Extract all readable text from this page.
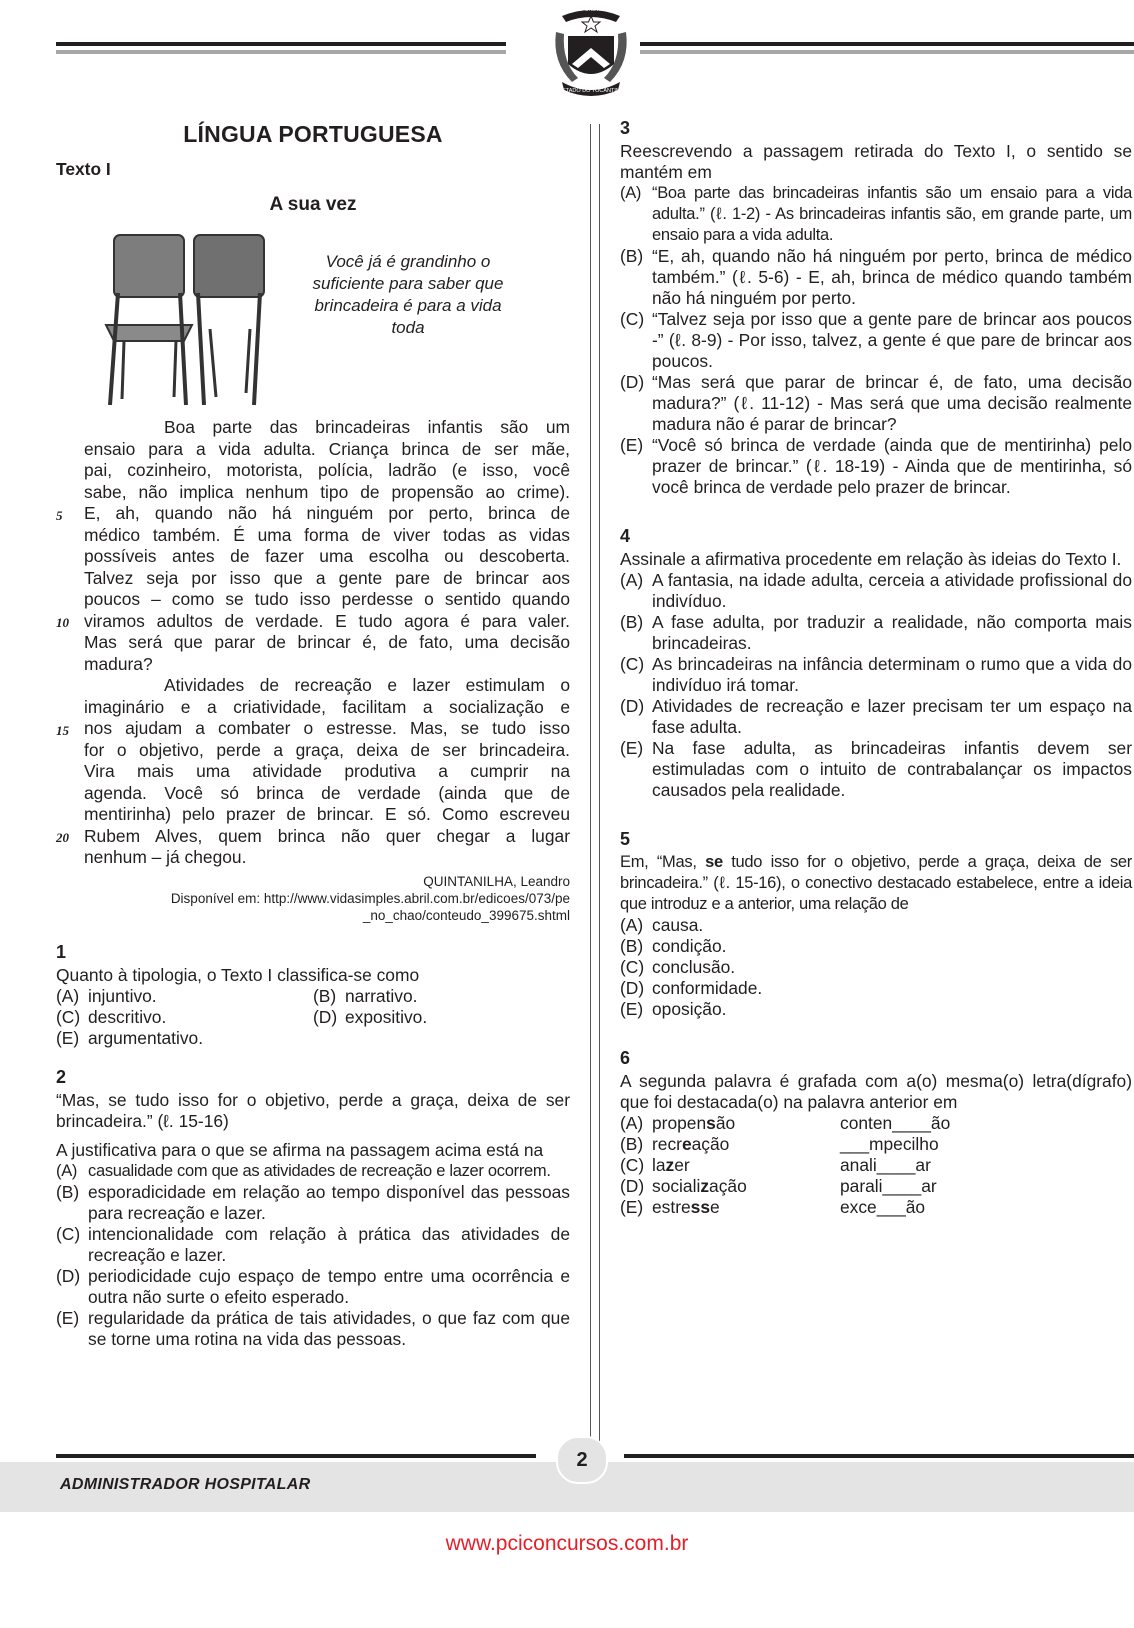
CO YVY ORE RETAMA
ESTADO DO TOCANTINS
LÍNGUA PORTUGUESA
Texto I
A sua vez
Você já é grandinho o
suficiente para saber que
brincadeira é para a vida
toda
Boa parte das brincadeiras infantis são um
ensaio para a vida adulta. Criança brinca de ser mãe,
pai, cozinheiro, motorista, polícia, ladrão (e isso, você
sabe, não implica nenhum tipo de propensão ao crime).
E, ah, quando não há ninguém por perto, brinca de
médico também. É uma forma de viver todas as vidas
possíveis antes de fazer uma escolha ou descoberta.
Talvez seja por isso que a gente pare de brincar aos
poucos – como se tudo isso perdesse o sentido quando
viramos adultos de verdade. E tudo agora é para valer.
Mas será que parar de brincar é, de fato, uma decisão
madura?
Atividades de recreação e lazer estimulam o
imaginário e a criatividade, facilitam a socialização e
nos ajudam a combater o estresse. Mas, se tudo isso
for o objetivo, perde a graça, deixa de ser brincadeira.
Vira mais uma atividade produtiva a cumprir na
agenda. Você só brinca de verdade (ainda que de
mentirinha) pelo prazer de brincar. E só. Como escreveu
Rubem Alves, quem brinca não quer chegar a lugar
nenhum – já chegou.
5
10
15
20
QUINTANILHA, Leandro
Disponível em: http://www.vidasimples.abril.com.br/edicoes/073/pe
_no_chao/conteudo_399675.shtml
1
Quanto à tipologia, o Texto I classifica-se como
(A) injuntivo.	(B) narrativo.
(C) descritivo.	(D) expositivo.
(E) argumentativo.
2
“Mas, se tudo isso for o objetivo, perde a graça, deixa de ser brincadeira.” (ℓ. 15-16)
A justificativa para o que se afirma na passagem acima está na
(A) casualidade com que as atividades de recreação e lazer ocorrem.
(B) esporadicidade em relação ao tempo disponível das pessoas para recreação e lazer.
(C) intencionalidade com relação à prática das atividades de recreação e lazer.
(D) periodicidade cujo espaço de tempo entre uma ocorrência e outra não surte o efeito esperado.
(E) regularidade da prática de tais atividades, o que faz com que se torne uma rotina na vida das pessoas.
3
Reescrevendo a passagem retirada do Texto I, o sentido se mantém em
(A) “Boa parte das brincadeiras infantis são um ensaio para a vida adulta.” (ℓ. 1-2) - As brincadeiras infantis são, em grande parte, um ensaio para a vida adulta.
(B) “E, ah, quando não há ninguém por perto, brinca de médico também.” (ℓ. 5-6) - E, ah, brinca de médico quando também não há ninguém por perto.
(C) “Talvez seja por isso que a gente pare de brincar aos poucos -” (ℓ. 8-9) - Por isso, talvez, a gente é que pare de brincar aos poucos.
(D) “Mas será que parar de brincar é, de fato, uma decisão madura?” (ℓ. 11-12) - Mas será que uma decisão realmente madura não é parar de brincar?
(E) “Você só brinca de verdade (ainda que de mentirinha) pelo prazer de brincar.” (ℓ. 18-19) - Ainda que de mentirinha, só você brinca de verdade pelo prazer de brincar.
4
Assinale a afirmativa procedente em relação às ideias do Texto I.
(A) A fantasia, na idade adulta, cerceia a atividade profissional do indivíduo.
(B) A fase adulta, por traduzir a realidade, não comporta mais brincadeiras.
(C) As brincadeiras na infância determinam o rumo que a vida do indivíduo irá tomar.
(D) Atividades de recreação e lazer precisam ter um espaço na fase adulta.
(E) Na fase adulta, as brincadeiras infantis devem ser estimuladas com o intuito de contrabalançar os impactos causados pela realidade.
5
Em, “Mas, se tudo isso for o objetivo, perde a graça, deixa de ser brincadeira.” (ℓ. 15-16), o conectivo destacado estabelece, entre a ideia que introduz e a anterior, uma relação de
(A) causa.
(B) condição.
(C) conclusão.
(D) conformidade.
(E) oposição.
6
A segunda palavra é grafada com a(o) mesma(o) letra(dígrafo) que foi destacada(o) na palavra anterior em
(A) propensão	conten____ão
(B) recreação	___mpecilho
(C) lazer	anali____ar
(D) socialização	parali____ar
(E) estresse	exce___ão
2
ADMINISTRADOR HOSPITALAR
www.pciconcursos.com.br
